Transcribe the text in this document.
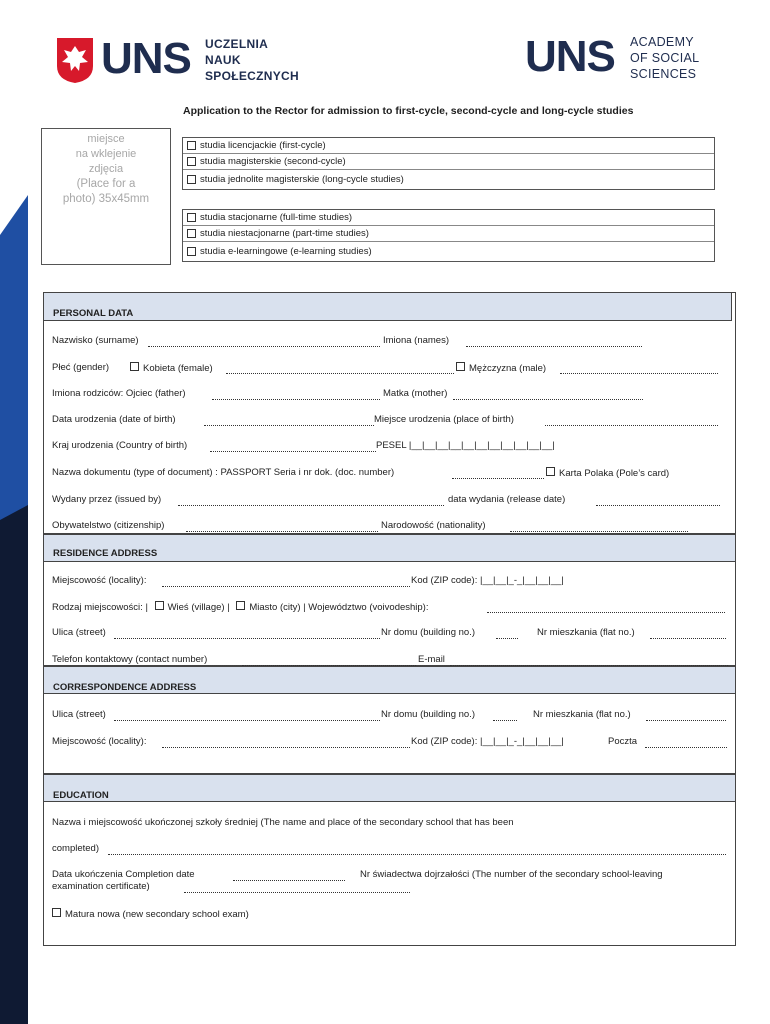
UNS UCZELNIA
NAUK
SPOŁECZNYCH	UNS ACADEMY
OF SOCIAL
SCIENCES
Application to the Rector for admission to first-cycle, second-cycle and long-cycle studies
miejsce
na wklejenie
zdjęcia
(Place for a
photo) 35x45mm
studia licencjackie (first-cycle)
studia magisterskie (second-cycle)
studia jednolite magisterskie (long-cycle studies)
studia stacjonarne (full-time studies)
studia niestacjonarne (part-time studies)
studia e-learningowe (e-learning studies)
PERSONAL DATA
Nazwisko (surname)	Imiona (names)
Płeć (gender)	Kobieta (female)	Mężczyzna (male)
Imiona rodziców: Ojciec (father)	Matka (mother)
Data urodzenia (date of birth)	Miejsce urodzenia (place of birth)
Kraj urodzenia (Country of birth)	PESEL |__|__|__|__|__|__|__|__|__|__|__|
Nazwa dokumentu (type of document) : PASSPORT Seria i nr dok. (doc. number)	Karta Polaka (Pole’s card)
Wydany przez (issued by)	data wydania (release date)
Obywatelstwo (citizenship)	Narodowość (nationality)
RESIDENCE ADDRESS
Miejscowość (locality):	Kod (ZIP code): |__|__|_-_|__|__|__|
Rodzaj miejscowości: | Wieś (village) | Miasto (city) | Województwo (voivodeship):
Ulica (street)	Nr domu (building no.)	Nr mieszkania (flat no.)
Telefon kontaktowy (contact number)	E-mail
CORRESPONDENCE ADDRESS
Ulica (street)	Nr domu (building no.)	Nr mieszkania (flat no.)
Miejscowość (locality):	Kod (ZIP code): |__|__|_-_|__|__|__|	Poczta
EDUCATION
Nazwa i miejscowość ukończonej szkoły średniej (The name and place of the secondary school that has been
completed)
Data ukończenia Completion date	Nr świadectwa dojrzałości (The number of the secondary school-leaving
examination certificate)
Matura nowa (new secondary school exam)
